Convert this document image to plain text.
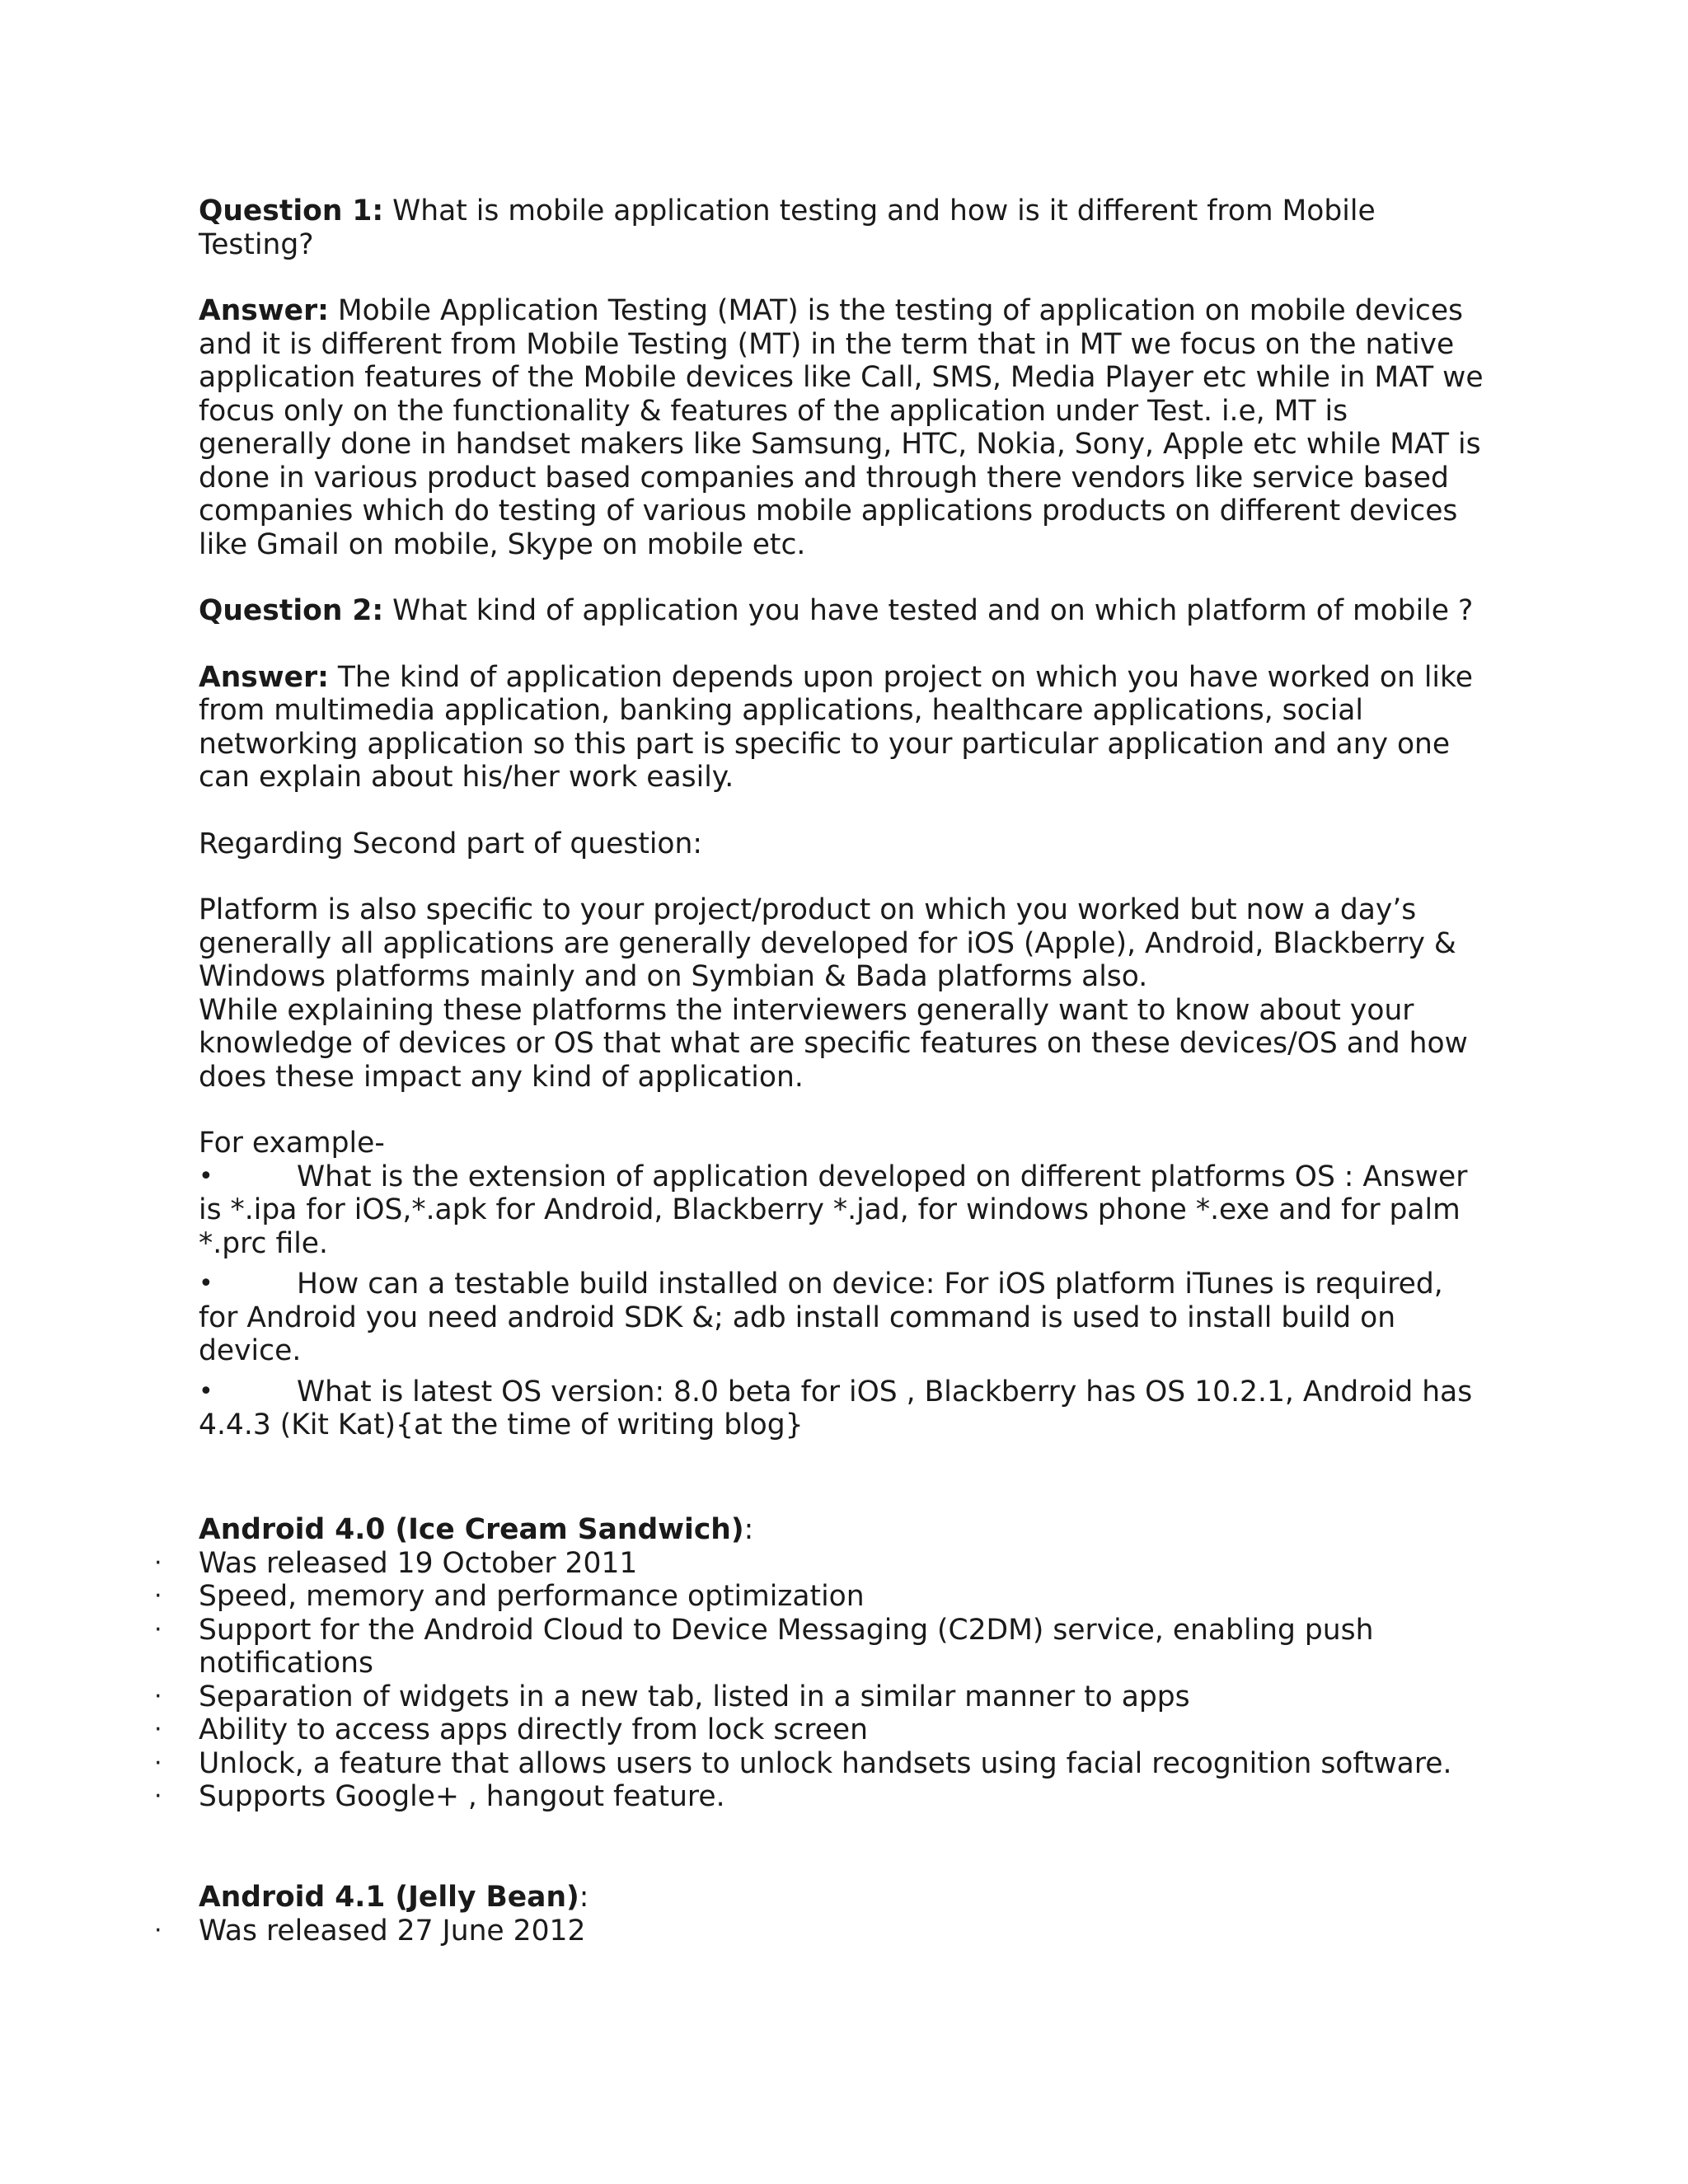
Question 1: What is mobile application testing and how is it different from Mobile Testing?

Answer: Mobile Application Testing (MAT) is the testing of application on mobile devices and it is different from Mobile Testing (MT) in the term that in MT we focus on the native application features of the Mobile devices like Call, SMS, Media Player etc while in MAT we focus only on the functionality & features of the application under Test. i.e, MT is generally done in handset makers like Samsung, HTC, Nokia, Sony, Apple etc while MAT is done in various product based companies and through there vendors like service based companies which do testing of various mobile applications products on different devices like Gmail on mobile, Skype on mobile etc.

Question 2: What kind of application you have tested and on which platform of mobile ?

Answer: The kind of application depends upon project on which you have worked on like from multimedia application, banking applications, healthcare applications, social networking application so this part is specific to your particular application and any one can explain about his/her work easily.

Regarding Second part of question:

Platform is also specific to your project/product on which you worked but now a day’s generally all applications are generally developed for iOS (Apple), Android, Blackberry & Windows platforms mainly and on Symbian & Bada platforms also.

While explaining these platforms the interviewers generally want to know about your knowledge of devices or OS that what are specific features on these devices/OS and how does these impact any kind of application.

For example-

•	What is the extension of application developed on different platforms OS : Answer is *.ipa for iOS,*.apk for Android, Blackberry *.jad, for windows phone *.exe and for palm *.prc file.
•	How can a testable build installed on device: For iOS platform iTunes is required, for Android you need android SDK &; adb install command is used to install build on device.
•	What is latest OS version: 8.0 beta for iOS , Blackberry has OS 10.2.1, Android has 4.4.3 (Kit Kat){at the time of writing blog}

Android 4.0 (Ice Cream Sandwich):

· Was released 19 October 2011
· Speed, memory and performance optimization
· Support for the Android Cloud to Device Messaging (C2DM) service, enabling push notifications
· Separation of widgets in a new tab, listed in a similar manner to apps
· Ability to access apps directly from lock screen
· Unlock, a feature that allows users to unlock handsets using facial recognition software.
· Supports Google+ , hangout feature.

Android 4.1 (Jelly Bean):

· Was released 27 June 2012
